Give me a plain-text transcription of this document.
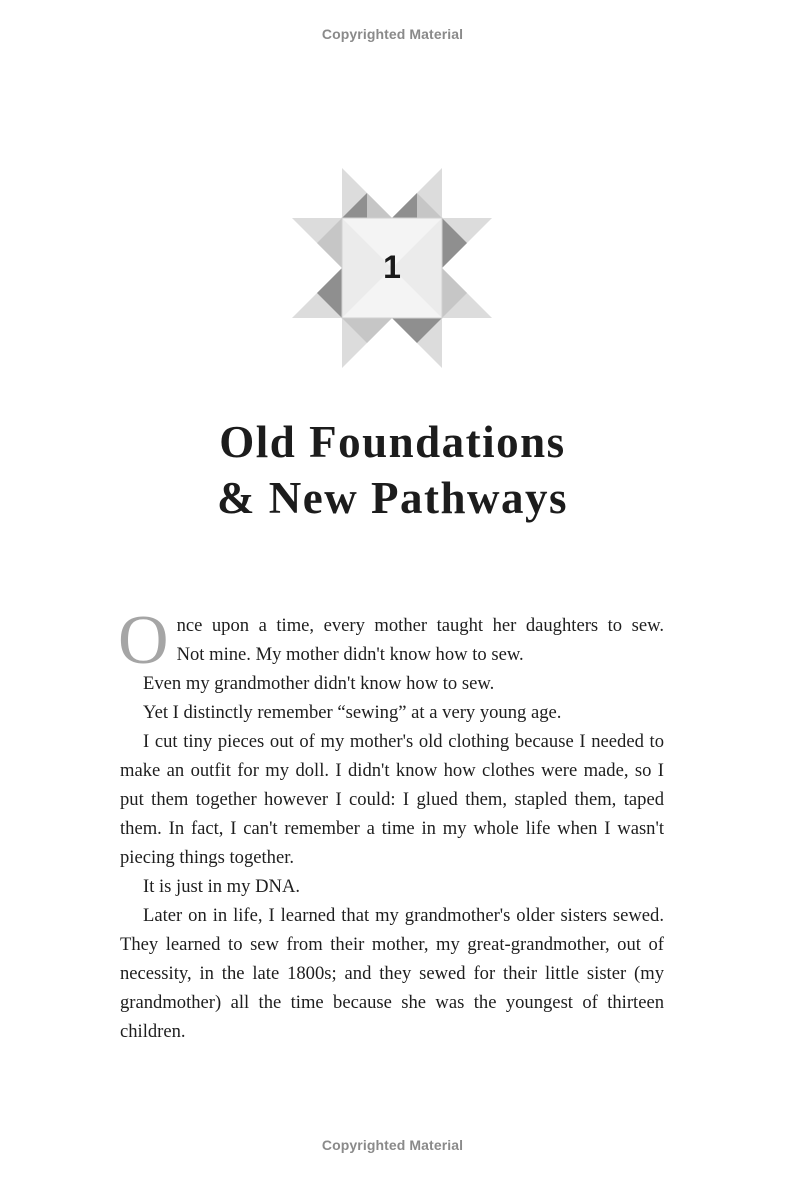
Copyrighted Material
1
Old Foundations
& New Pathways

O nce upon a time, every mother taught her daughters to sew.
Not mine. My mother didn't know how to sew.

Even my grandmother didn't know how to sew.

Yet I distinctly remember “sewing” at a very young age.

I cut tiny pieces out of my mother's old clothing because I needed to make an outfit for my doll. I didn't know how clothes were made, so I put them together however I could: I glued them, stapled them, taped them. In fact, I can't remember a time in my whole life when I wasn't piecing things together.

It is just in my DNA.

Later on in life, I learned that my grandmother's older sisters sewed. They learned to sew from their mother, my great-grandmother, out of necessity, in the late 1800s; and they sewed for their little sister (my grandmother) all the time because she was the youngest of thirteen children.

Copyrighted Material
